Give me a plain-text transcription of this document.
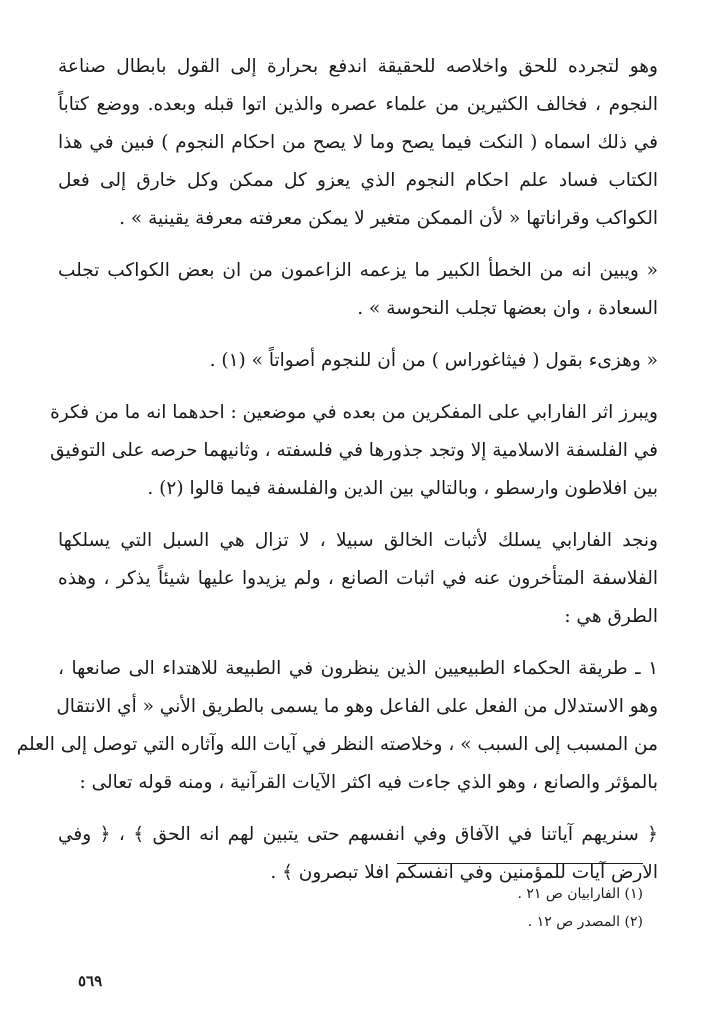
وهو لتجرده للحق واخلاصه للحقيقة اندفع بحرارة إلى القول بابطال صناعة
النجوم ، فخالف الكثيرين من علماء عصره والذين اتوا قبله وبعده. ووضع كتاباً
في ذلك اسماه ( النكت فيما يصح وما لا يصح من احكام النجوم ) فبين في هذا
الكتاب فساد علم احكام النجوم الذي يعزو كل ممكن وكل خارق إلى فعل
الكواكب وقراناتها « لأن الممكن متغير لا يمكن معرفته معرفة يقينية » .
« ويبين انه من الخطأ الكبير ما يزعمه الزاعمون من ان بعض الكواكب تجلب
السعادة ، وان بعضها تجلب النحوسة » .
« وهزىء بقول ( فيثاغوراس ) من أن للنجوم أصواتاً » (١) .
ويبرز اثر الفارابي على المفكرين من بعده في موضعين : احدهما انه ما من فكرة
في الفلسفة الاسلامية إلا وتجد جذورها في فلسفته ، وثانيهما حرصه على التوفيق
بين افلاطون وارسطو ، وبالتالي بين الدين والفلسفة فيما قالوا (٢) .
ونجد الفارابي يسلك لأثبات الخالق سبيلا ، لا تزال هي السبل التي يسلكها
الفلاسفة المتأخرون عنه في اثبات الصانع ، ولم يزيدوا عليها شيئاً يذكر ، وهذه
الطرق هي :
١ ـ طريقة الحكماء الطبيعيين الذين ينظرون في الطبيعة للاهتداء الى صانعها ،
وهو الاستدلال من الفعل على الفاعل وهو ما يسمى بالطريق الأني « أي الانتقال
من المسبب إلى السبب » ، وخلاصته النظر في آيات الله وآثاره التي توصل إلى العلم
بالمؤثر والصانع ، وهو الذي جاءت فيه اكثر الآيات القرآنية ، ومنه قوله تعالى :
﴿ سنريهم آياتنا في الآفاق وفي انفسهم حتى يتبين لهم انه الحق ﴾ ، ﴿ وفي
الارض آيات للمؤمنين وفي انفسكم افلا تبصرون ﴾ .
(١) الفارابيان ص ٢١ .
(٢) المصدر ص ١٢ .
٥٦٩
